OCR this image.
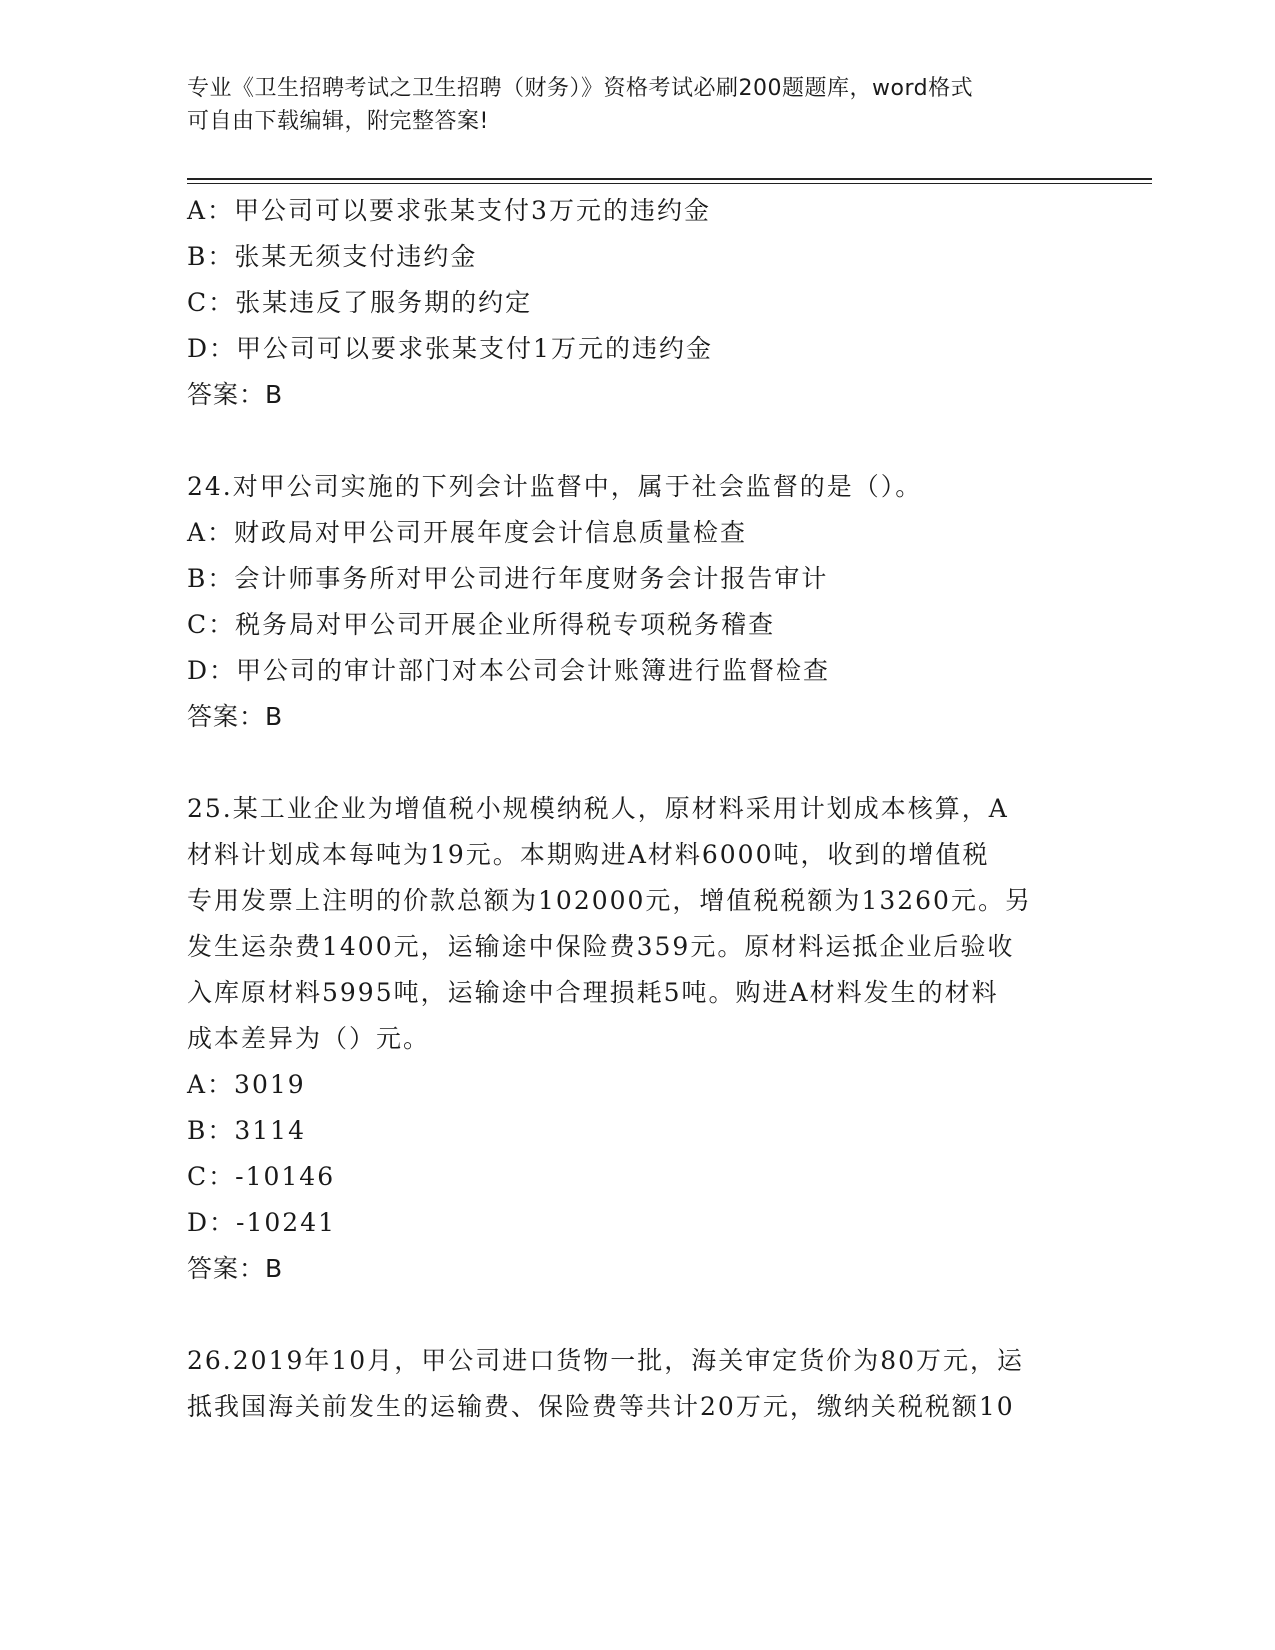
专业《卫生招聘考试之卫生招聘（财务）》资格考试必刷200题题库，word格式
可自由下载编辑，附完整答案!
A：甲公司可以要求张某支付3万元的违约金
B：张某无须支付违约金
C：张某违反了服务期的约定
D：甲公司可以要求张某支付1万元的违约金
答案：B
24.对甲公司实施的下列会计监督中，属于社会监督的是（）。
A：财政局对甲公司开展年度会计信息质量检查
B：会计师事务所对甲公司进行年度财务会计报告审计
C：税务局对甲公司开展企业所得税专项税务稽查
D：甲公司的审计部门对本公司会计账簿进行监督检查
答案：B
25.某工业企业为增值税小规模纳税人，原材料采用计划成本核算，A
材料计划成本每吨为19元。本期购进A材料6000吨，收到的增值税
专用发票上注明的价款总额为102000元，增值税税额为13260元。另
发生运杂费1400元，运输途中保险费359元。原材料运抵企业后验收
入库原材料5995吨，运输途中合理损耗5吨。购进A材料发生的材料
成本差异为（）元。
A：3019
B：3114
C：-10146
D：-10241
答案：B
26.2019年10月，甲公司进口货物一批，海关审定货价为80万元，运
抵我国海关前发生的运输费、保险费等共计20万元，缴纳关税税额10
